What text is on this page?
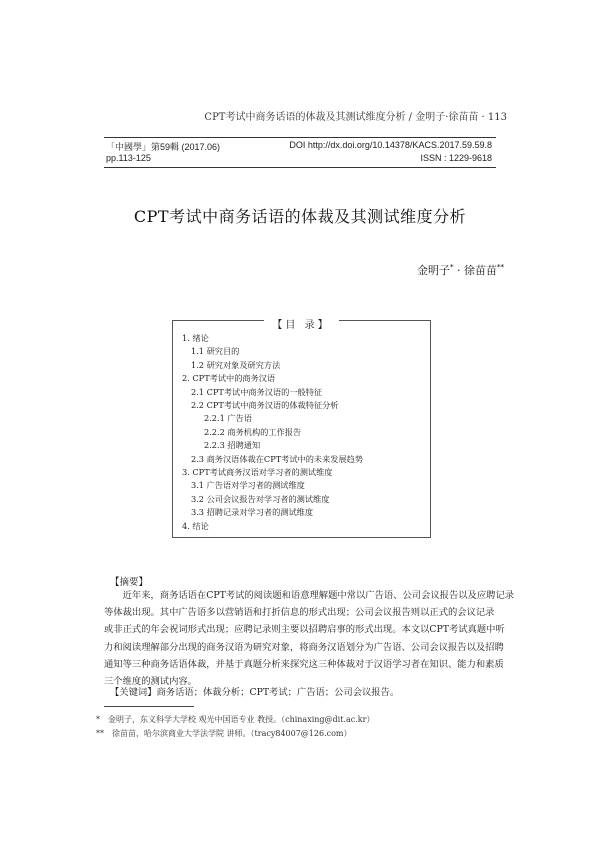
CPT考试中商务话语的体裁及其测试维度分析 / 金明子·徐苗苗 · 113
「中國學」第59輯 (2017.06)	DOI http://dx.doi.org/10.14378/KACS.2017.59.59.8
pp.113-125	ISSN : 1229-9618
CPT考试中商务话语的体裁及其测试维度分析
金明子* · 徐苗苗**
【目 录】
1. 绪论
1.1 研究目的
1.2 研究对象及研究方法
2. CPT考试中的商务汉语
2.1 CPT考试中商务汉语的一般特征
2.2 CPT考试中商务汉语的体裁特征分析
2.2.1 广告语
2.2.2 商务机构的工作报告
2.2.3 招聘通知
2.3 商务汉语体裁在CPT考试中的未来发展趋势
3. CPT考试商务汉语对学习者的测试维度
3.1 广告语对学习者的测试维度
3.2 公司会议报告对学习者的测试维度
3.3 招聘记录对学习者的测试维度
4. 结论
【摘要】
　　近年来，商务话语在CPT考试的阅读题和语意理解题中常以广告语、公司会议报告以及应聘记录
等体裁出现。其中广告语多以营销语和打折信息的形式出现；公司会议报告则以正式的会议记录
或非正式的年会祝词形式出现；应聘记录则主要以招聘启事的形式出现。本文以CPT考试真题中听
力和阅读理解部分出现的商务汉语为研究对象，将商务汉语划分为广告语、公司会议报告以及招聘
通知等三种商务话语体裁，并基于真题分析来探究这三种体裁对于汉语学习者在知识、能力和素质
三个维度的测试内容。
【关键词】商务话语；体裁分析；CPT考试；广告语；公司会议报告。
*　金明子，东义科学大学校 观光中国语专业 教授。（chinaxing@dit.ac.kr）
**　徐苗苗，哈尔滨商业大学法学院 讲师。（tracy84007@126.com）
